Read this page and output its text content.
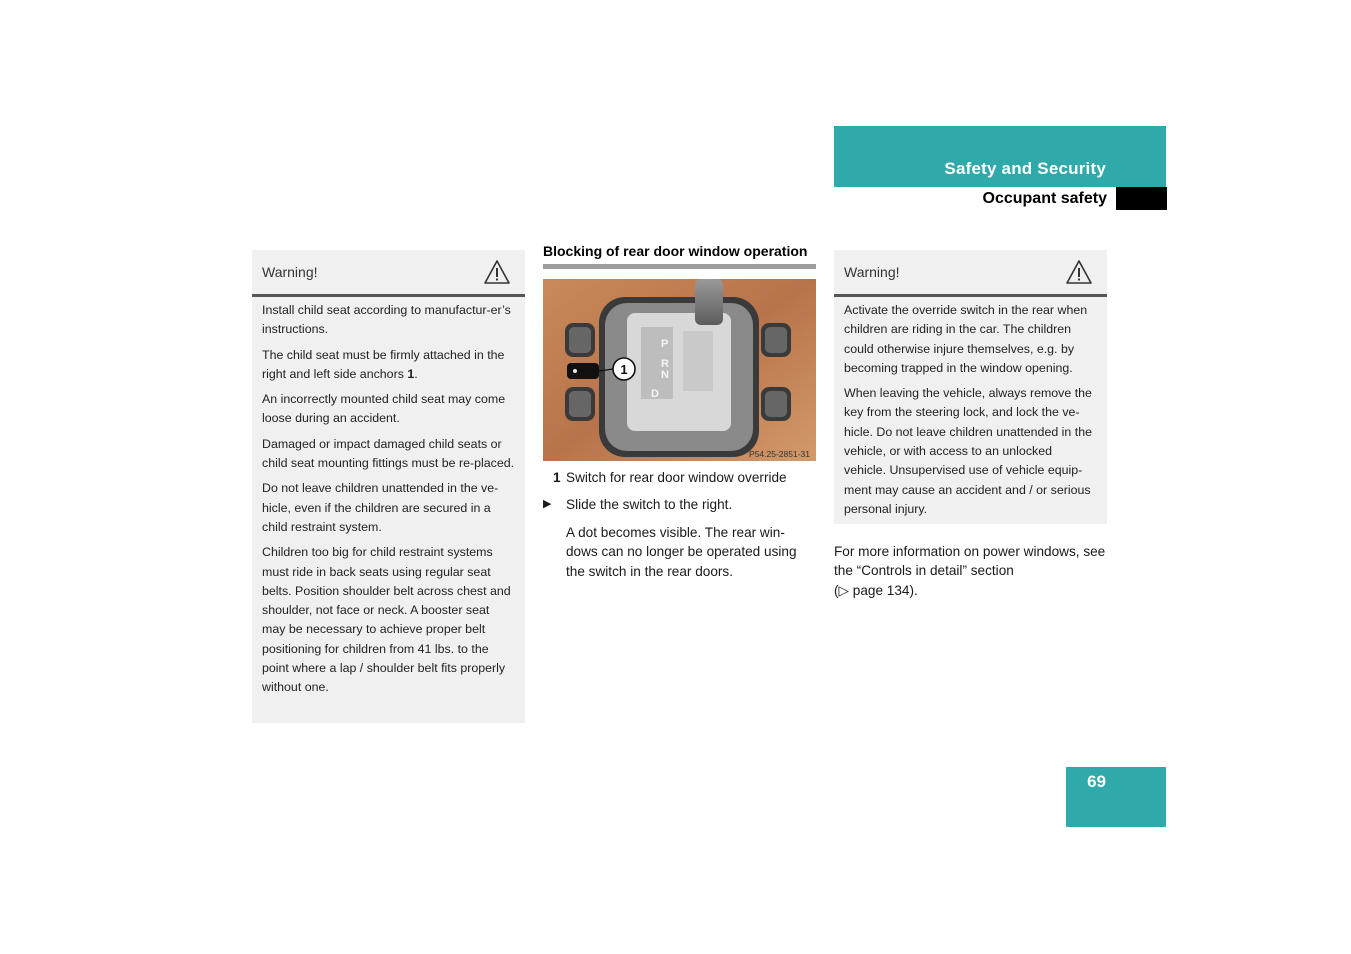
Safety and Security
Occupant safety
Warning!

Install child seat according to manufactur-er’s instructions.

The child seat must be firmly attached in the right and left side anchors 1.

An incorrectly mounted child seat may come loose during an accident.

Damaged or impact damaged child seats or child seat mounting fittings must be re-placed.

Do not leave children unattended in the ve-hicle, even if the children are secured in a child restraint system.

Children too big for child restraint systems must ride in back seats using regular seat belts. Position shoulder belt across chest and shoulder, not face or neck. A booster seat may be necessary to achieve proper belt positioning for children from 41 lbs. to the point where a lap / shoulder belt fits properly without one.

Blocking of rear door window operation
1
P
R
N
D
P54.25-2851-31
1 Switch for rear door window override
▶ Slide the switch to the right.
A dot becomes visible. The rear win-dows can no longer be operated using the switch in the rear doors.
Warning!

Activate the override switch in the rear when children are riding in the car. The children could otherwise injure themselves, e.g. by becoming trapped in the window opening.

When leaving the vehicle, always remove the key from the steering lock, and lock the ve-hicle. Do not leave children unattended in the vehicle, or with access to an unlocked vehicle. Unsupervised use of vehicle equip-ment may cause an accident and / or serious personal injury.

For more information on power windows, see the “Controls in detail” section
(▷ page 134).
69
